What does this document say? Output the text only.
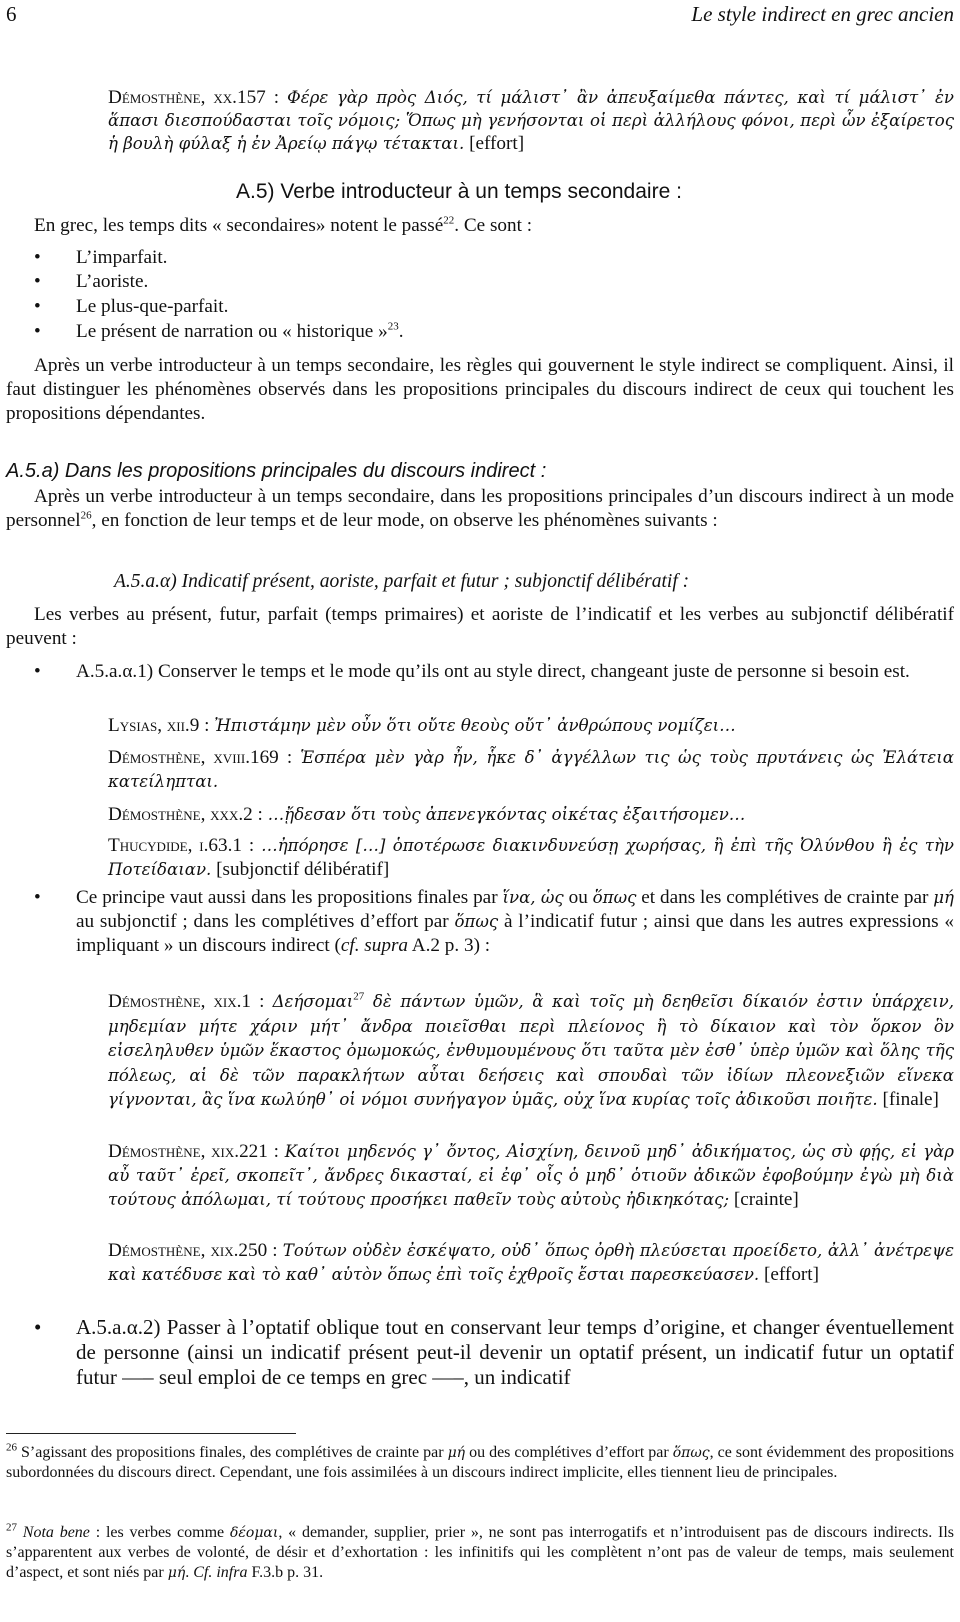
6	Le style indirect en grec ancien
Démosthène, xx.157 : Φέρε γὰρ πρὸς Διός, τί μάλιστ᾽ ἂν ἀπευξαίμεθα πάντες, καὶ τί μάλιστ᾽ ἐν ἅπασι διεσπούδασται τοῖς νόμοις; Ὅπως μὴ γενήσονται οἱ περὶ ἀλλήλους φόνοι, περὶ ὧν ἐξαίρετος ἡ βουλὴ φύλαξ ἡ ἐν Ἀρείῳ πάγῳ τέτακται. [effort]
A.5) Verbe introducteur à un temps secondaire :
En grec, les temps dits « secondaires» notent le passé$^{22}$. Ce sont :
• L’imparfait.
• L’aoriste.
• Le plus-que-parfait.
• Le présent de narration ou « historique »$^{23}$.
Après un verbe introducteur à un temps secondaire, les règles qui gouvernent le style indirect se compliquent. Ainsi, il faut distinguer les phénomènes observés dans les propositions principales du discours indirect de ceux qui touchent les propositions dépendantes.
A.5.a) Dans les propositions principales du discours indirect :
Après un verbe introducteur à un temps secondaire, dans les propositions principales d’un discours indirect à un mode personnel$^{26}$, en fonction de leur temps et de leur mode, on observe les phénomènes suivants :
A.5.a.α) Indicatif présent, aoriste, parfait et futur ; subjonctif délibératif :
Les verbes au présent, futur, parfait (temps primaires) et aoriste de l’indicatif et les verbes au subjonctif délibératif peuvent :
• A.5.a.α.1) Conserver le temps et le mode qu’ils ont au style direct, changeant juste de personne si besoin est.
Lysias, xii.9 : Ἠπιστάμην μὲν οὖν ὅτι οὔτε θεοὺς οὔτ᾽ ἀνθρώπους νομίζει…
Démosthène, xviii.169 : Ἑσπέρα μὲν γὰρ ἦν, ἧκε δ᾽ ἀγγέλλων τις ὡς τοὺς πρυτάνεις ὡς Ἐλάτεια κατείληπται.
Démosthène, xxx.2 : …ᾔδεσαν ὅτι τοὺς ἀπενεγκόντας οἰκέτας ἐξαιτήσομεν…
Thucydide, i.63.1 : …ἠπόρησε […] ὁποτέρωσε διακινδυνεύσῃ χωρήσας, ἢ ἐπὶ τῆς Ὀλύνθου ἢ ἐς τὴν Ποτείδαιαν. [subjonctif délibératif]
• Ce principe vaut aussi dans les propositions finales par ἵνα, ὡς ou ὅπως et dans les complétives de crainte par μή au subjonctif ; dans les complétives d’effort par ὅπως à l’indicatif futur ; ainsi que dans les autres expressions « impliquant » un discours indirect (cf. supra A.2 p. 3) :
Démosthène, xix.1 : Δεήσομαι$^{27}$ δὲ πάντων ὑμῶν, ἃ καὶ τοῖς μὴ δεηθεῖσι δίκαιόν ἐστιν ὑπάρχειν, μηδεμίαν μήτε χάριν μήτ᾽ ἄνδρα ποιεῖσθαι περὶ πλείονος ἢ τὸ δίκαιον καὶ τὸν ὅρκον ὃν εἰσεληλυθεν ὑμῶν ἕκαστος ὀμωμοκώς, ἐνθυμουμένους ὅτι ταῦτα μὲν ἐσθ᾽ ὑπὲρ ὑμῶν καὶ ὅλης τῆς πόλεως, αἱ δὲ τῶν παρακλήτων αὗται δεήσεις καὶ σπουδαὶ τῶν ἰδίων πλεονεξιῶν εἵνεκα γίγνονται, ἃς ἵνα κωλύηθ᾽ οἱ νόμοι συνήγαγον ὑμᾶς, οὐχ ἵνα κυρίας τοῖς ἀδικοῦσι ποιῆτε. [finale]
Démosthène, xix.221 : Καίτοι μηδενός γ᾽ ὄντος, Αἰσχίνη, δεινοῦ μηδ᾽ ἀδικήματος, ὡς σὺ φῄς, εἰ γὰρ αὖ ταῦτ᾽ ἐρεῖ, σκοπεῖτ᾽, ἄνδρες δικασταί, εἰ ἐφ᾽ οἷς ὁ μηδ᾽ ὁτιοῦν ἀδικῶν ἐφοβούμην ἐγὼ μὴ διὰ τούτους ἀπόλωμαι, τί τούτους προσήκει παθεῖν τοὺς αὐτοὺς ἠδικηκότας; [crainte]
Démosthène, xix.250 : Τούτων οὐδὲν ἐσκέψατο, οὐδ᾽ ὅπως ὀρθὴ πλεύσεται προείδετο, ἀλλ᾽ ἀνέτρεψε καὶ κατέδυσε καὶ τὸ καθ᾽ αὑτὸν ὅπως ἐπὶ τοῖς ἐχθροῖς ἔσται παρεσκεύασεν. [effort]
• A.5.a.α.2) Passer à l’optatif oblique tout en conservant leur temps d’origine, et changer éventuellement de personne (ainsi un indicatif présent peut-il devenir un optatif présent, un indicatif futur un optatif futur —– seul emploi de ce temps en grec —–, un indicatif
$^{26}$ S’agissant des propositions finales, des complétives de crainte par μή ou des complétives d’effort par ὅπως, ce sont évidemment des propositions subordonnées du discours direct. Cependant, une fois assimilées à un discours indirect implicite, elles tiennent lieu de principales.
$^{27}$ Nota bene : les verbes comme δέομαι, « demander, supplier, prier », ne sont pas interrogatifs et n’introduisent pas de discours indirects. Ils s’apparentent aux verbes de volonté, de désir et d’exhortation : les infinitifs qui les complètent n’ont pas de valeur de temps, mais seulement d’aspect, et sont niés par μή. Cf. infra F.3.b p. 31.
